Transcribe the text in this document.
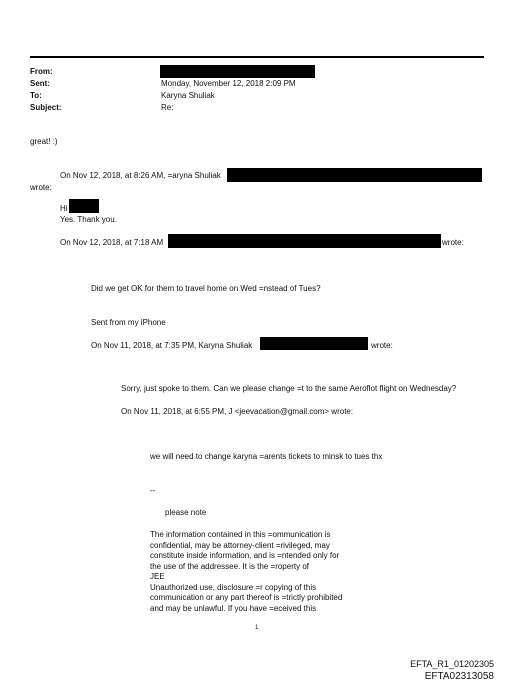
From:
Sent:
To:
Subject:
Monday, November 12, 2018 2:09 PM
Karyna Shuliak
Re:
great! :)
On Nov 12, 2018, at 8:26 AM, =aryna Shuliak
wrote:
Hi
Yes. Thank you.
On Nov 12, 2018, at 7:18 AM	wrote:
Did we get OK for them to travel home on Wed =nstead of Tues?
Sent from my iPhone
On Nov 11, 2018, at 7:35 PM, Karyna Shuliak	wrote:
Sorry, just spoke to them. Can we please change =t to the same Aeroflot flight on Wednesday?
On Nov 11, 2018, at 6:55 PM, J <jeevacation@gmail.com> wrote:
we will need to change karyna =arents tickets to minsk to tues thx
--
please note
The information contained in this =ommunication is
confidential, may be attorney-client =rivileged, may
constitute inside information, and is =ntended only for
the use of the addressee. It is the =roperty of
JEE
Unauthorized use, disclosure =r copying of this
communication or any part thereof is =trictly prohibited
and may be unlawful. If you have =eceived this
1
EFTA_R1_01202305
EFTA02313058
